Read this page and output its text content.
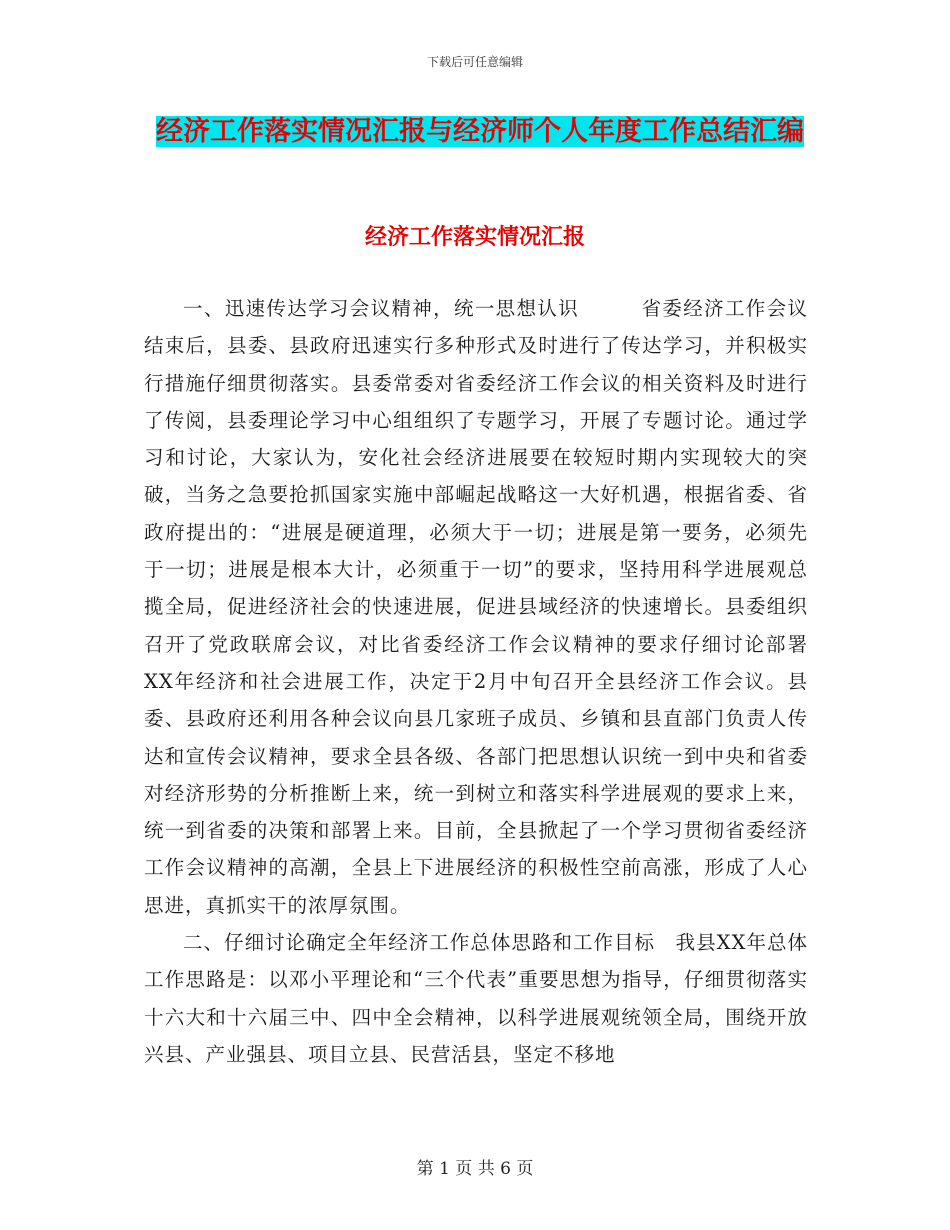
下载后可任意编辑
经济工作落实情况汇报与经济师个人年度工作总结汇编
经济工作落实情况汇报

一、迅速传达学习会议精神，统一思想认识　　　省委经济工作会议结束后，县委、县政府迅速实行多种形式及时进行了传达学习，并积极实行措施仔细贯彻落实。县委常委对省委经济工作会议的相关资料及时进行了传阅，县委理论学习中心组组织了专题学习，开展了专题讨论。通过学习和讨论，大家认为，安化社会经济进展要在较短时期内实现较大的突破，当务之急要抢抓国家实施中部崛起战略这一大好机遇，根据省委、省政府提出的：“进展是硬道理，必须大于一切；进展是第一要务，必须先于一切；进展是根本大计，必须重于一切”的要求，坚持用科学进展观总揽全局，促进经济社会的快速进展，促进县域经济的快速增长。县委组织召开了党政联席会议，对比省委经济工作会议精神的要求仔细讨论部署XX年经济和社会进展工作，决定于2月中旬召开全县经济工作会议。县委、县政府还利用各种会议向县几家班子成员、乡镇和县直部门负责人传达和宣传会议精神，要求全县各级、各部门把思想认识统一到中央和省委对经济形势的分析推断上来，统一到树立和落实科学进展观的要求上来，统一到省委的决策和部署上来。目前，全县掀起了一个学习贯彻省委经济工作会议精神的高潮，全县上下进展经济的积极性空前高涨，形成了人心思进，真抓实干的浓厚氛围。

二、仔细讨论确定全年经济工作总体思路和工作目标　我县XX年总体工作思路是：以邓小平理论和“三个代表”重要思想为指导，仔细贯彻落实十六大和十六届三中、四中全会精神，以科学进展观统领全局，围绕开放兴县、产业强县、项目立县、民营活县，坚定不移地

第 1 页 共 6 页
